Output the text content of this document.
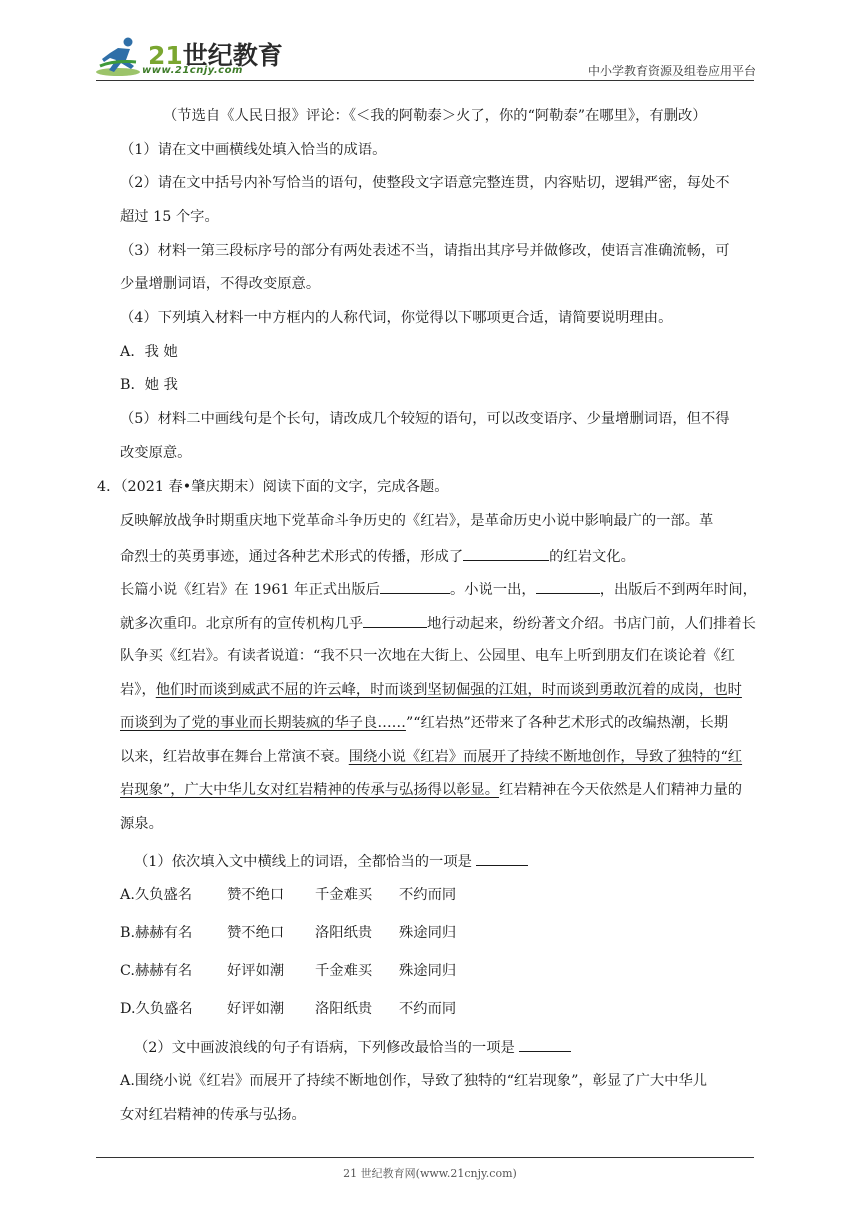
21世纪教育
www.21cnjy.com	中小学教育资源及组卷应用平台
（节选自《人民日报》评论：《＜我的阿勒泰＞火了，你的“阿勒泰”在哪里》，有删改）
（1）请在文中画横线处填入恰当的成语。
（2）请在文中括号内补写恰当的语句，使整段文字语意完整连贯，内容贴切，逻辑严密，每处不
超过 15 个字。
（3）材料一第三段标序号的部分有两处表述不当，请指出其序号并做修改，使语言准确流畅，可
少量增删词语，不得改变原意。
（4）下列填入材料一中方框内的人称代词，你觉得以下哪项更合适，请简要说明理由。
A．我 她
B．她 我
（5）材料二中画线句是个长句，请改成几个较短的语句，可以改变语序、少量增删词语，但不得
改变原意。
4．（2021 春•肇庆期末）阅读下面的文字，完成各题。
反映解放战争时期重庆地下党革命斗争历史的《红岩》，是革命历史小说中影响最广的一部。革
命烈士的英勇事迹，通过各种艺术形式的传播，形成了	的红岩文化。
长篇小说《红岩》在 1961 年正式出版后	。小说一出，	，出版后不到两年时间，
就多次重印。北京所有的宣传机构几乎	地行动起来，纷纷著文介绍。书店门前，人们排着长
队争买《红岩》。有读者说道：“我不只一次地在大街上、公园里、电车上听到朋友们在谈论着《红
岩》，他们时而谈到威武不屈的许云峰，时而谈到坚韧倔强的江姐，时而谈到勇敢沉着的成岗，也时
而谈到为了党的事业而长期装疯的华子良……”“红岩热”还带来了各种艺术形式的改编热潮，长期
以来，红岩故事在舞台上常演不衰。围绕小说《红岩》而展开了持续不断地创作，导致了独特的“红
岩现象”，广大中华儿女对红岩精神的传承与弘扬得以彰显。红岩精神在今天依然是人们精神力量的
源泉。
（1）依次填入文中横线上的词语，全都恰当的一项是
A.久负盛名 赞不绝口 千金难买 不约而同
B.赫赫有名 赞不绝口 洛阳纸贵 殊途同归
C.赫赫有名 好评如潮 千金难买 殊途同归
D.久负盛名 好评如潮 洛阳纸贵 不约而同
（2）文中画波浪线的句子有语病，下列修改最恰当的一项是
A.围绕小说《红岩》而展开了持续不断地创作，导致了独特的“红岩现象”，彰显了广大中华儿
女对红岩精神的传承与弘扬。
21 世纪教育网(www.21cnjy.com)
